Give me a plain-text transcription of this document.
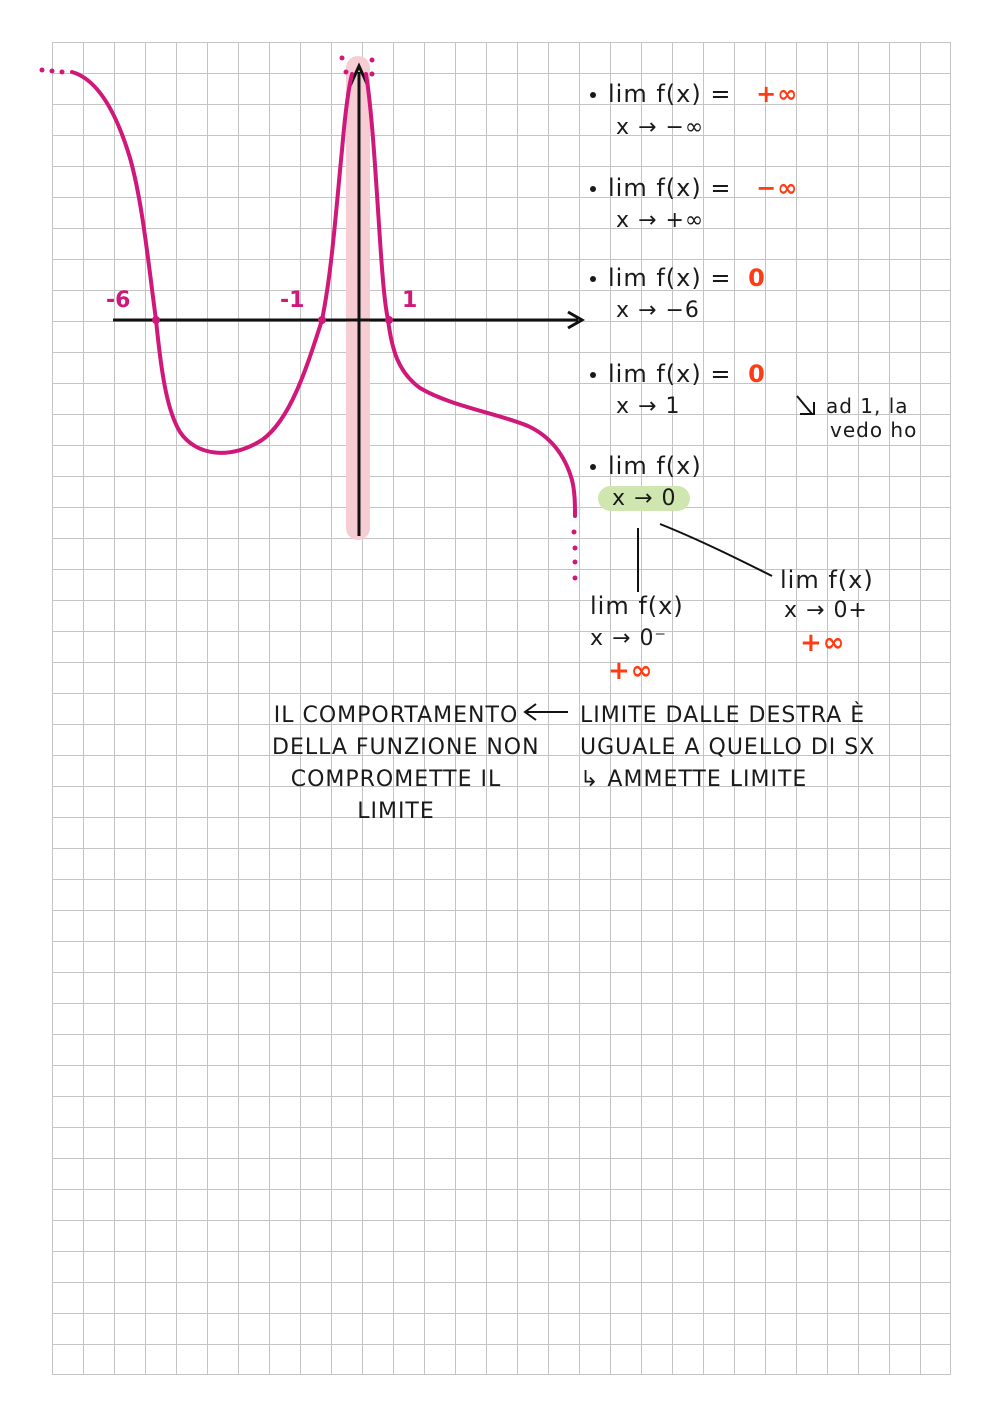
-6	-1	1
lim f(x) = +∞
x → −∞
lim f(x) = −∞
x → +∞
lim f(x) = 0
x → −6
lim f(x) = 0
x → 1	ad 1, la
vedo ho
lim f(x)
x → 0
lim f(x)
x → 0⁻
+∞
lim f(x)
x → 0+
+∞
IL COMPORTAMENTO
DELLA FUNZIONE NON
COMPROMETTE IL
LIMITE
LIMITE DALLE DESTRA È
UGUALE A QUELLO DI SX
↳ AMMETTE LIMITE
